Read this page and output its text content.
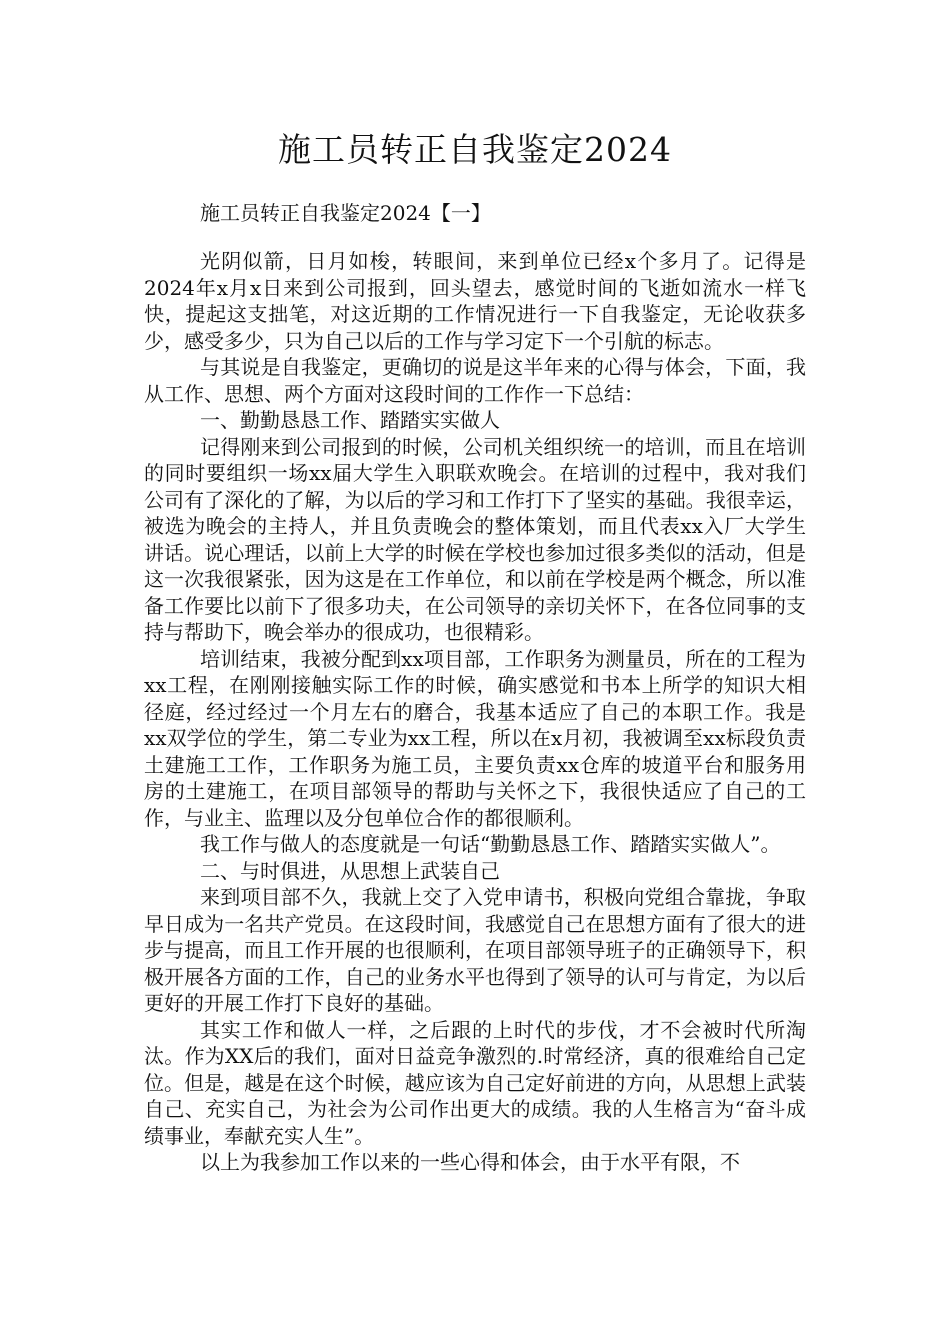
施工员转正自我鉴定2024

施工员转正自我鉴定2024【一】

光阴似箭，日月如梭，转眼间，来到单位已经x个多月了。记得是2024年x月x日来到公司报到，回头望去，感觉时间的飞逝如流水一样飞快，提起这支拙笔，对这近期的工作情况进行一下自我鉴定，无论收获多少，感受多少，只为自己以后的工作与学习定下一个引航的标志。

与其说是自我鉴定，更确切的说是这半年来的心得与体会，下面，我从工作、思想、两个方面对这段时间的工作作一下总结：

一、勤勤恳恳工作、踏踏实实做人

记得刚来到公司报到的时候，公司机关组织统一的培训，而且在培训的同时要组织一场xx届大学生入职联欢晚会。在培训的过程中，我对我们公司有了深化的了解，为以后的学习和工作打下了坚实的基础。我很幸运，被选为晚会的主持人，并且负责晚会的整体策划，而且代表xx入厂大学生讲话。说心理话，以前上大学的时候在学校也参加过很多类似的活动，但是这一次我很紧张，因为这是在工作单位，和以前在学校是两个概念，所以准备工作要比以前下了很多功夫，在公司领导的亲切关怀下，在各位同事的支持与帮助下，晚会举办的很成功，也很精彩。

培训结束，我被分配到xx项目部，工作职务为测量员，所在的工程为xx工程，在刚刚接触实际工作的时候，确实感觉和书本上所学的知识大相径庭，经过经过一个月左右的磨合，我基本适应了自己的本职工作。我是xx双学位的学生，第二专业为xx工程，所以在x月初，我被调至xx标段负责土建施工工作，工作职务为施工员，主要负责xx仓库的坡道平台和服务用房的土建施工，在项目部领导的帮助与关怀之下，我很快适应了自己的工作，与业主、监理以及分包单位合作的都很顺利。

我工作与做人的态度就是一句话“勤勤恳恳工作、踏踏实实做人”。

二、与时俱进，从思想上武装自己

来到项目部不久，我就上交了入党申请书，积极向党组合靠拢，争取早日成为一名共产党员。在这段时间，我感觉自己在思想方面有了很大的进步与提高，而且工作开展的也很顺利，在项目部领导班子的正确领导下，积极开展各方面的工作，自己的业务水平也得到了领导的认可与肯定，为以后更好的开展工作打下良好的基础。

其实工作和做人一样，之后跟的上时代的步伐，才不会被时代所淘汰。作为XX后的我们，面对日益竞争激烈的.时常经济，真的很难给自己定位。但是，越是在这个时候，越应该为自己定好前进的方向，从思想上武装自己、充实自己，为社会为公司作出更大的成绩。我的人生格言为“奋斗成绩事业，奉献充实人生”。

以上为我参加工作以来的一些心得和体会，由于水平有限，不
